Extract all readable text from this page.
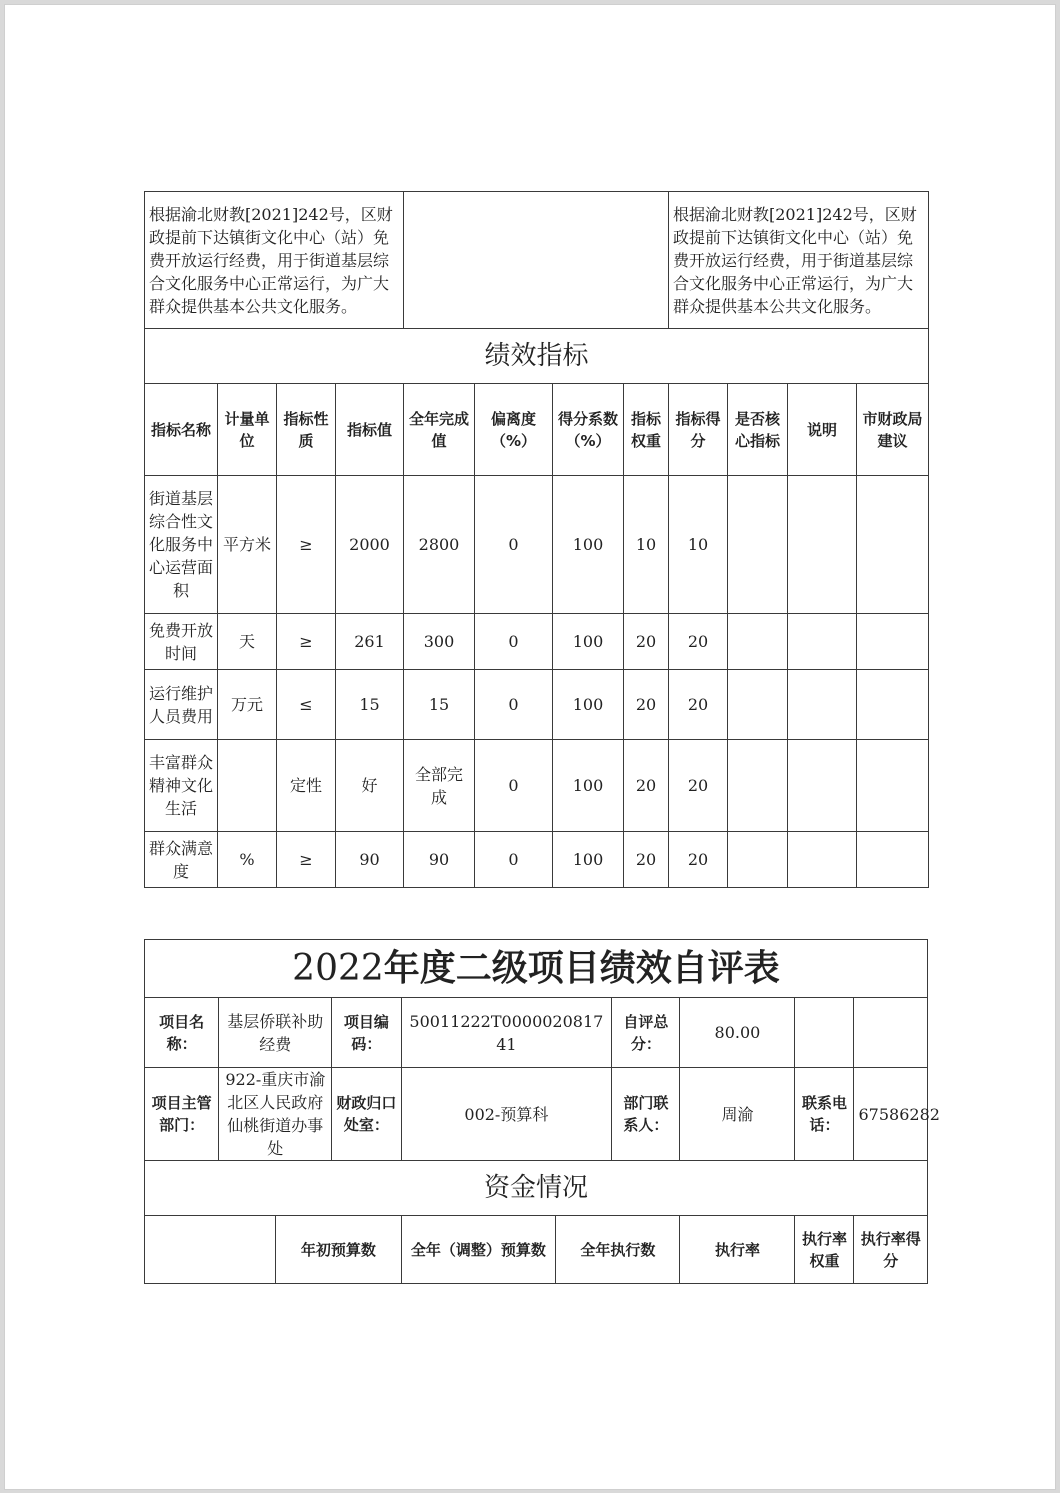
根据渝北财教[2021]242号，区财政提前下达镇街文化中心（站）免费开放运行经费，用于街道基层综合文化服务中心正常运行，为广大群众提供基本公共文化服务。								根据渝北财教[2021]242号，区财政提前下达镇街文化中心（站）免费开放运行经费，用于街道基层综合文化服务中心正常运行，为广大群众提供基本公共文化服务。			
绩效指标											
指标名称	计量单位	指标性质	指标值	全年完成值	偏离度（%）	得分系数（%）	指标权重	指标得分	是否核心指标	说明	市财政局建议
街道基层综合性文化服务中心运营面积	平方米	≥	2000	2800	0	100	10	10			
免费开放时间	天	≥	261	300	0	100	20	20			
运行维护人员费用	万元	≤	15	15	0	100	20	20			
丰富群众精神文化生活		定性	好	全部完成	0	100	20	20			
群众满意度	%	≥	90	90	0	100	20	20			
2022年度二级项目绩效自评表									
项目名称：	基层侨联补助经费		项目编码：	50011222T000002081741		自评总分：	80.00		
项目主管部门：	922-重庆市渝北区人民政府仙桃街道办事处		财政归口处室：	002-预算科		部门联系人：	周渝	联系电话：	67586282
资金情况									
		年初预算数		全年（调整）预算数	全年执行数		执行率	执行率权重	执行率得分
